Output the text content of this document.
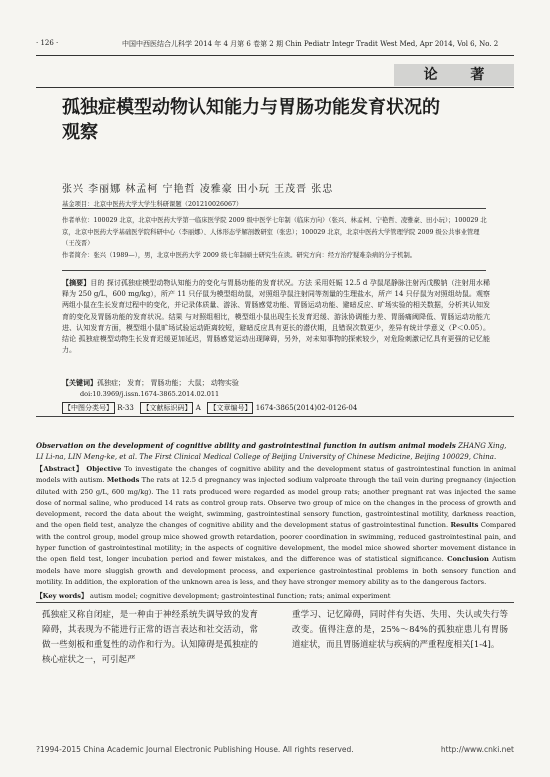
· 126 ·	中国中西医结合儿科学 2014 年 4 月第 6 卷第 2 期 Chin Pediatr Integr Tradit West Med, Apr 2014, Vol 6, No. 2
论 著
孤独症模型动物认知能力与胃肠功能发育状况的观察
张兴 李丽娜 林孟柯 宁艳哲 凌雅豪 田小玩 王茂晋 张忠
基金项目：北京中医药大学大学生科研课题（201210026067）
作者单位：100029 北京，北京中医药大学第一临床医学院 2009 级中医学七年制（临床方向）（张兴、林孟柯、宁艳哲、凌雅豪、田小玩）；100029 北京，北京中医药大学基础医学院科研中心（李丽娜）、人体形态学解剖教研室（张忠）；100029 北京，北京中医药大学管理学院 2009 级公共事业管理（王茂晋）
作者简介：张兴（1989—），男，北京中医药大学 2009 级七年制硕士研究生在读。研究方向：经方治疗疑难杂病的分子机制。
【摘要】目的 探讨孤独症模型动物认知能力的变化与胃肠功能的发育状况。方法 采用妊娠 12.5 d 孕鼠尾静脉注射丙戊酸钠（注射用水稀释为 250 g/L，600 mg/kg），所产 11 只仔鼠为模型组幼鼠，对照组孕鼠注射同等剂量的生理盐水，所产 14 只仔鼠为对照组幼鼠。观察两组小鼠在生长发育过程中的变化，并记录体质量、游泳、胃肠感觉功能、胃肠运动功能、避暗反应、旷场实验的相关数据，分析其认知发育的变化及胃肠功能的发育状况。结果 与对照组相比，模型组小鼠出现生长发育迟缓、游泳协调能力差、胃肠痛阈降低、胃肠运动功能亢进、认知发育方面，模型组小鼠旷场试验运动距离较短，避暗反应具有更长的潜伏期，且错误次数更少，差异有统计学意义（P＜0.05）。结论 孤独症模型动物生长发育迟缓更加延迟，胃肠感觉运动出现障碍，另外，对未知事物的探索较少，对危险刺激记忆具有更强的记忆能力。
【关键词】孤独症； 发育； 胃肠功能； 大鼠； 动物实验
doi:10.3969/j.issn.1674-3865.2014.02.011
【中图分类号】 R-33 【文献标识码】 A 【文章编号】 1674-3865(2014)02-0126-04
Observation on the development of cognitive ability and gastrointestinal function in autism animal models ZHANG Xing, LI Li-na, LIN Meng-ke, et al. The First Clinical Medical College of Beijing University of Chinese Medicine, Beijing 100029, China.
【Abstract】 Objective To investigate the changes of cognitive ability and the development status of gastrointestinal function in animal models with autism. Methods The rats at 12.5 d pregnancy was injected sodium valproate through the tail vein during pregnancy (injection diluted with 250 g/L, 600 mg/kg). The 11 rats produced were regarded as model group rats; another pregnant rat was injected the same dose of normal saline, who produced 14 rats as control group rats. Observe two group of mice on the changes in the process of growth and development, record the data about the weight, swimming, gastrointestinal sensory function, gastrointestinal motility, darkness reaction, and the open field test, analyze the changes of cognitive ability and the development status of gastrointestinal function. Results Compared with the control group, model group mice showed growth retardation, poorer coordination in swimming, reduced gastrointestinal pain, and hyper function of gastrointestinal motility; in the aspects of cognitive development, the model mice showed shorter movement distance in the open field test, longer incubation period and fewer mistakes, and the difference was of statistical significance. Conclusion Autism models have more sluggish growth and development process, and experience gastrointestinal problems in both sensory function and motility. In addition, the exploration of the unknown area is less, and they have stronger memory ability as to the dangerous factors.
【Key words】 autism model; cognitive development; gastrointestinal function; rats; animal experiment
孤独症又称自闭症，是一种由于神经系统失调导致的发育障碍，其表现为不能进行正常的语言表达和社交活动，常做一些刻板和重复性的动作和行为。认知障碍是孤独症的核心症状之一，可引起严
重学习、记忆障碍，同时伴有失语、失用、失认或失行等改变。值得注意的是，25%～84%的孤独症患儿有胃肠道症状，而且胃肠道症状与疾病的严重程度相关[1-4]。
?1994-2015 China Academic Journal Electronic Publishing House. All rights reserved.	http://www.cnki.net
